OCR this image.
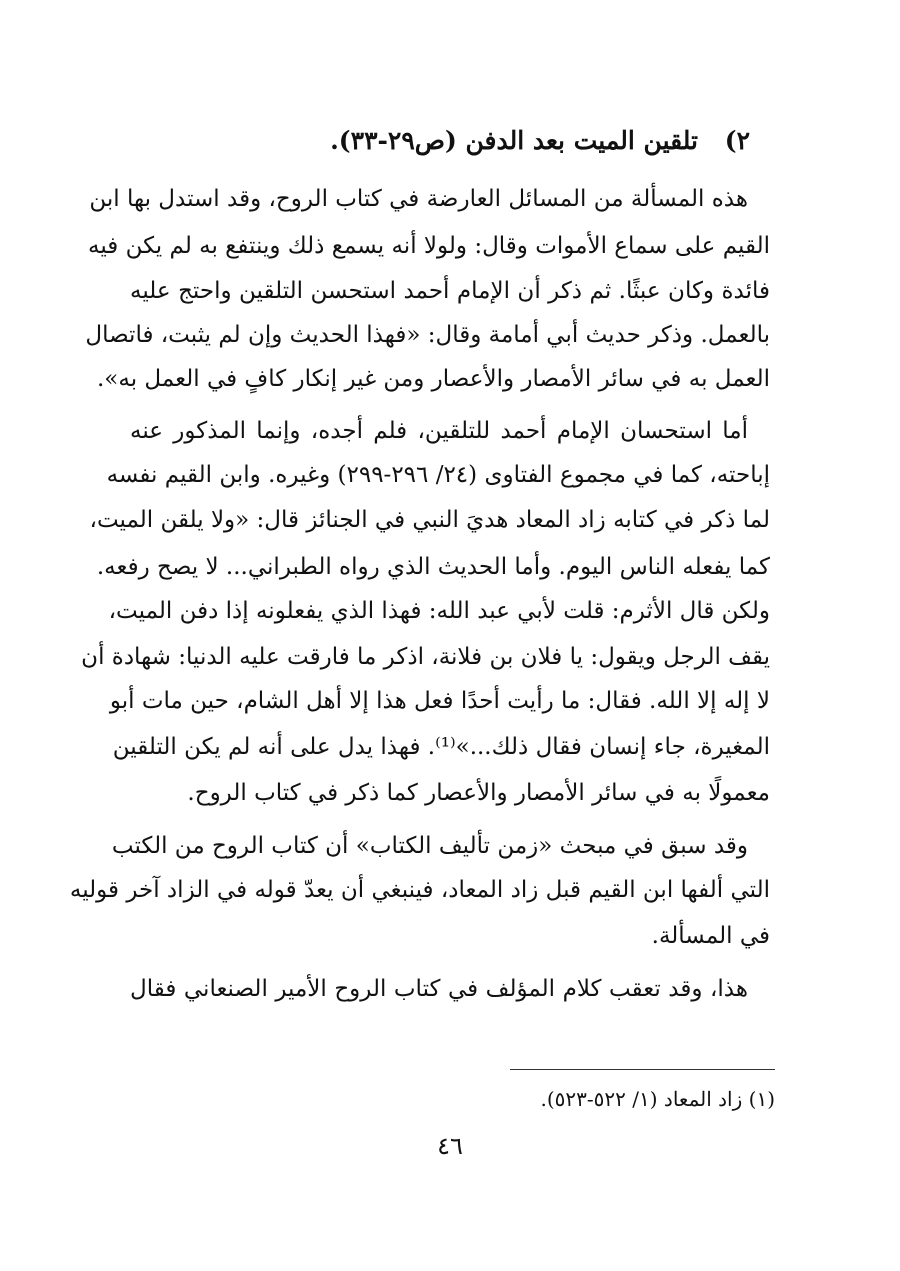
٢) تلقين الميت بعد الدفن (ص٢٩-٣٣).
هذه المسألة من المسائل العارضة في كتاب الروح، وقد استدل بها ابن
القيم على سماع الأموات وقال: ولولا أنه يسمع ذلك وينتفع به لم يكن فيه
فائدة وكان عبثًا. ثم ذكر أن الإمام أحمد استحسن التلقين واحتج عليه
بالعمل. وذكر حديث أبي أمامة وقال: «فهذا الحديث وإن لم يثبت، فاتصال
العمل به في سائر الأمصار والأعصار ومن غير إنكار كافٍ في العمل به».
أما استحسان الإمام أحمد للتلقين، فلم أجده، وإنما المذكور عنه
إباحته، كما في مجموع الفتاوى (٢٤/ ٢٩٦-٢٩٩) وغيره. وابن القيم نفسه
لما ذكر في كتابه زاد المعاد هديَ النبي في الجنائز قال: «ولا يلقن الميت،
كما يفعله الناس اليوم. وأما الحديث الذي رواه الطبراني... لا يصح رفعه.
ولكن قال الأثرم: قلت لأبي عبد الله: فهذا الذي يفعلونه إذا دفن الميت،
يقف الرجل ويقول: يا فلان بن فلانة، اذكر ما فارقت عليه الدنيا: شهادة أن
لا إله إلا الله. فقال: ما رأيت أحدًا فعل هذا إلا أهل الشام، حين مات أبو
المغيرة، جاء إنسان فقال ذلك...»⁽¹⁾. فهذا يدل على أنه لم يكن التلقين
معمولًا به في سائر الأمصار والأعصار كما ذكر في كتاب الروح.
وقد سبق في مبحث «زمن تأليف الكتاب» أن كتاب الروح من الكتب
التي ألفها ابن القيم قبل زاد المعاد، فينبغي أن يعدّ قوله في الزاد آخر قوليه
في المسألة.
هذا، وقد تعقب كلام المؤلف في كتاب الروح الأمير الصنعاني فقال
(١) زاد المعاد (١/ ٥٢٢-٥٢٣).
٤٦
